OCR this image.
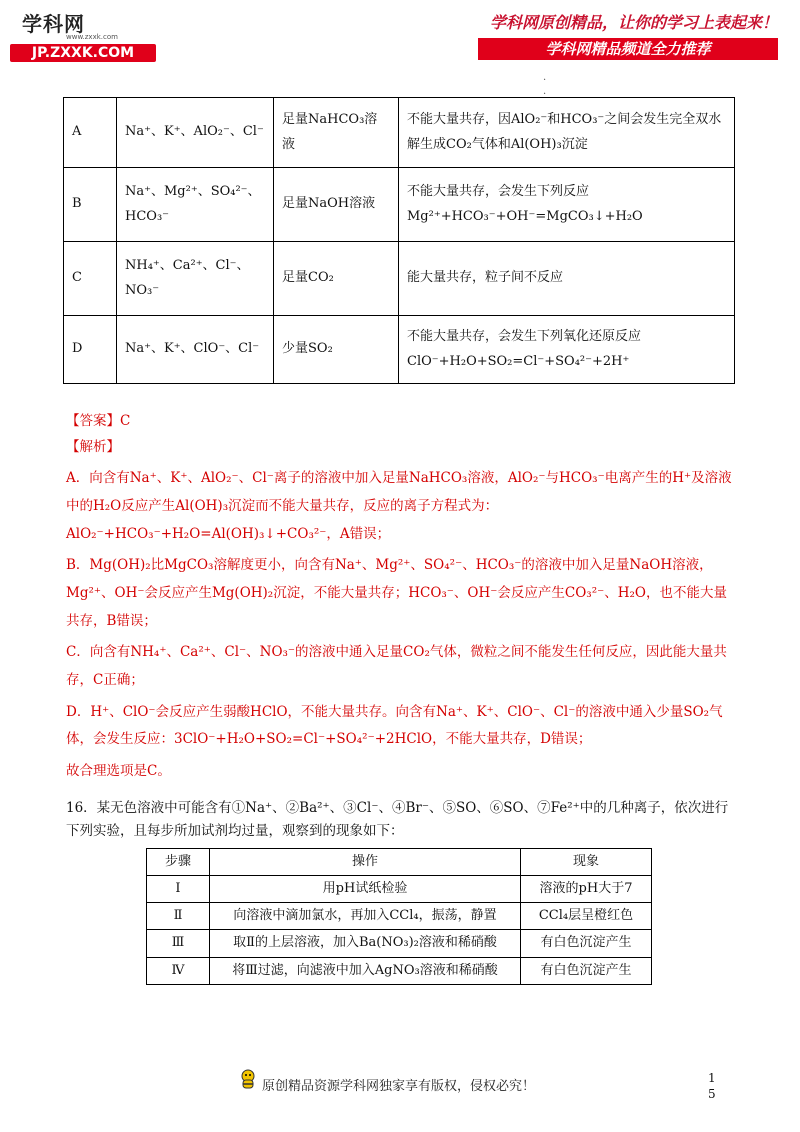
学科网
www.zxxk.com
JP.ZXXK.COM
学科网原创精品，让你的学习上表起来！
学科网精品频道全力推荐
.
.
A	Na⁺、K⁺、AlO₂⁻、Cl⁻	足量NaHCO₃溶液	不能大量共存，因AlO₂⁻和HCO₃⁻之间会发生完全双水解生成CO₂气体和Al(OH)₃沉淀
B	Na⁺、Mg²⁺、SO₄²⁻、HCO₃⁻	足量NaOH溶液	不能大量共存，会发生下列反应 Mg²⁺+HCO₃⁻+OH⁻=MgCO₃↓+H₂O
C	NH₄⁺、Ca²⁺、Cl⁻、NO₃⁻	足量CO₂	能大量共存，粒子间不反应
D	Na⁺、K⁺、ClO⁻、Cl⁻	少量SO₂	不能大量共存，会发生下列氧化还原反应 ClO⁻+H₂O+SO₂=Cl⁻+SO₄²⁻+2H⁺

【答案】C

【解析】

A．向含有Na⁺、K⁺、AlO₂⁻、Cl⁻离子的溶液中加入足量NaHCO₃溶液，AlO₂⁻与HCO₃⁻电离产生的H⁺及溶液中的H₂O反应产生Al(OH)₃沉淀而不能大量共存，反应的离子方程式为：AlO₂⁻+HCO₃⁻+H₂O=Al(OH)₃↓+CO₃²⁻，A错误；

B．Mg(OH)₂比MgCO₃溶解度更小，向含有Na⁺、Mg²⁺、SO₄²⁻、HCO₃⁻的溶液中加入足量NaOH溶液，Mg²⁺、OH⁻会反应产生Mg(OH)₂沉淀，不能大量共存；HCO₃⁻、OH⁻会反应产生CO₃²⁻、H₂O，也不能大量共存，B错误；

C．向含有NH₄⁺、Ca²⁺、Cl⁻、NO₃⁻的溶液中通入足量CO₂气体，微粒之间不能发生任何反应，因此能大量共存，C正确；

D．H⁺、ClO⁻会反应产生弱酸HClO，不能大量共存。向含有Na⁺、K⁺、ClO⁻、Cl⁻的溶液中通入少量SO₂气体，会发生反应：3ClO⁻+H₂O+SO₂=Cl⁻+SO₄²⁻+2HClO，不能大量共存，D错误；

故合理选项是C。

16．某无色溶液中可能含有①Na⁺、②Ba²⁺、③Cl⁻、④Br⁻、⑤SO、⑥SO、⑦Fe²⁺中的几种离子，依次进行下列实验，且每步所加试剂均过量，观察到的现象如下：
步骤	操作	现象
Ⅰ	用pH试纸检验	溶液的pH大于7
Ⅱ	向溶液中滴加氯水，再加入CCl₄，振荡，静置	CCl₄层呈橙红色
Ⅲ	取Ⅱ的上层溶液，加入Ba(NO₃)₂溶液和稀硝酸	有白色沉淀产生
Ⅳ	将Ⅲ过滤，向滤液中加入AgNO₃溶液和稀硝酸	有白色沉淀产生
原创精品资源学科网独家享有版权，侵权必究！
1
5
